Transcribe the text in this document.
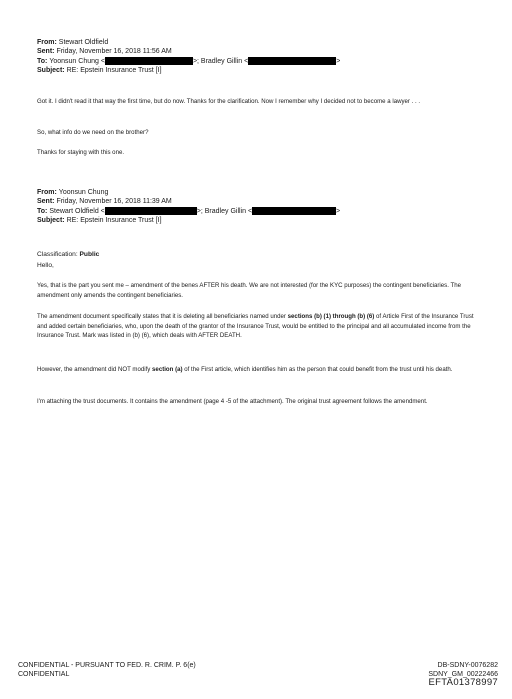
From:
Stewart Oldfield
Sent:
Friday, November 16, 2018 11:56 AM
To:
Yoonsun Chung <	>; Bradley Gillin <	>
Subject:
RE: Epstein Insurance Trust [I]
Got it. I didn't read it that way the first time, but do now. Thanks for the clarification. Now I remember why I decided not to become a lawyer . . .
So, what info do we need on the brother?
Thanks for staying with this one.
From:
Yoonsun Chung
Sent:
Friday, November 16, 2018 11:39 AM
To:
Stewart Oldfield <	>; Bradley Gillin <	>
Subject:
RE: Epstein Insurance Trust [I]
Classification: Public
Hello,
Yes, that is the part you sent me – amendment of the benes AFTER his death. We are not interested (for the KYC purposes) the contingent beneficiaries. The amendment only amends the contingent beneficiaries.
The amendment document specifically states that it is deleting all beneficiaries named under sections (b) (1) through (b) (6) of Article First of the Insurance Trust and added certain beneficiaries, who, upon the death of the grantor of the Insurance Trust, would be entitled to the principal and all accumulated income from the Insurance Trust. Mark was listed in (b) (6), which deals with AFTER DEATH.
However, the amendment did NOT modify section (a) of the First article, which identifies him as the person that could benefit from the trust until his death.
I'm attaching the trust documents. It contains the amendment (page 4 -5 of the attachment). The original trust agreement follows the amendment.
CONFIDENTIAL - PURSUANT TO FED. R. CRIM. P. 6(e)
CONFIDENTIAL
DB-SDNY-0076282
SDNY_GM_00222466
EFTA01378997
